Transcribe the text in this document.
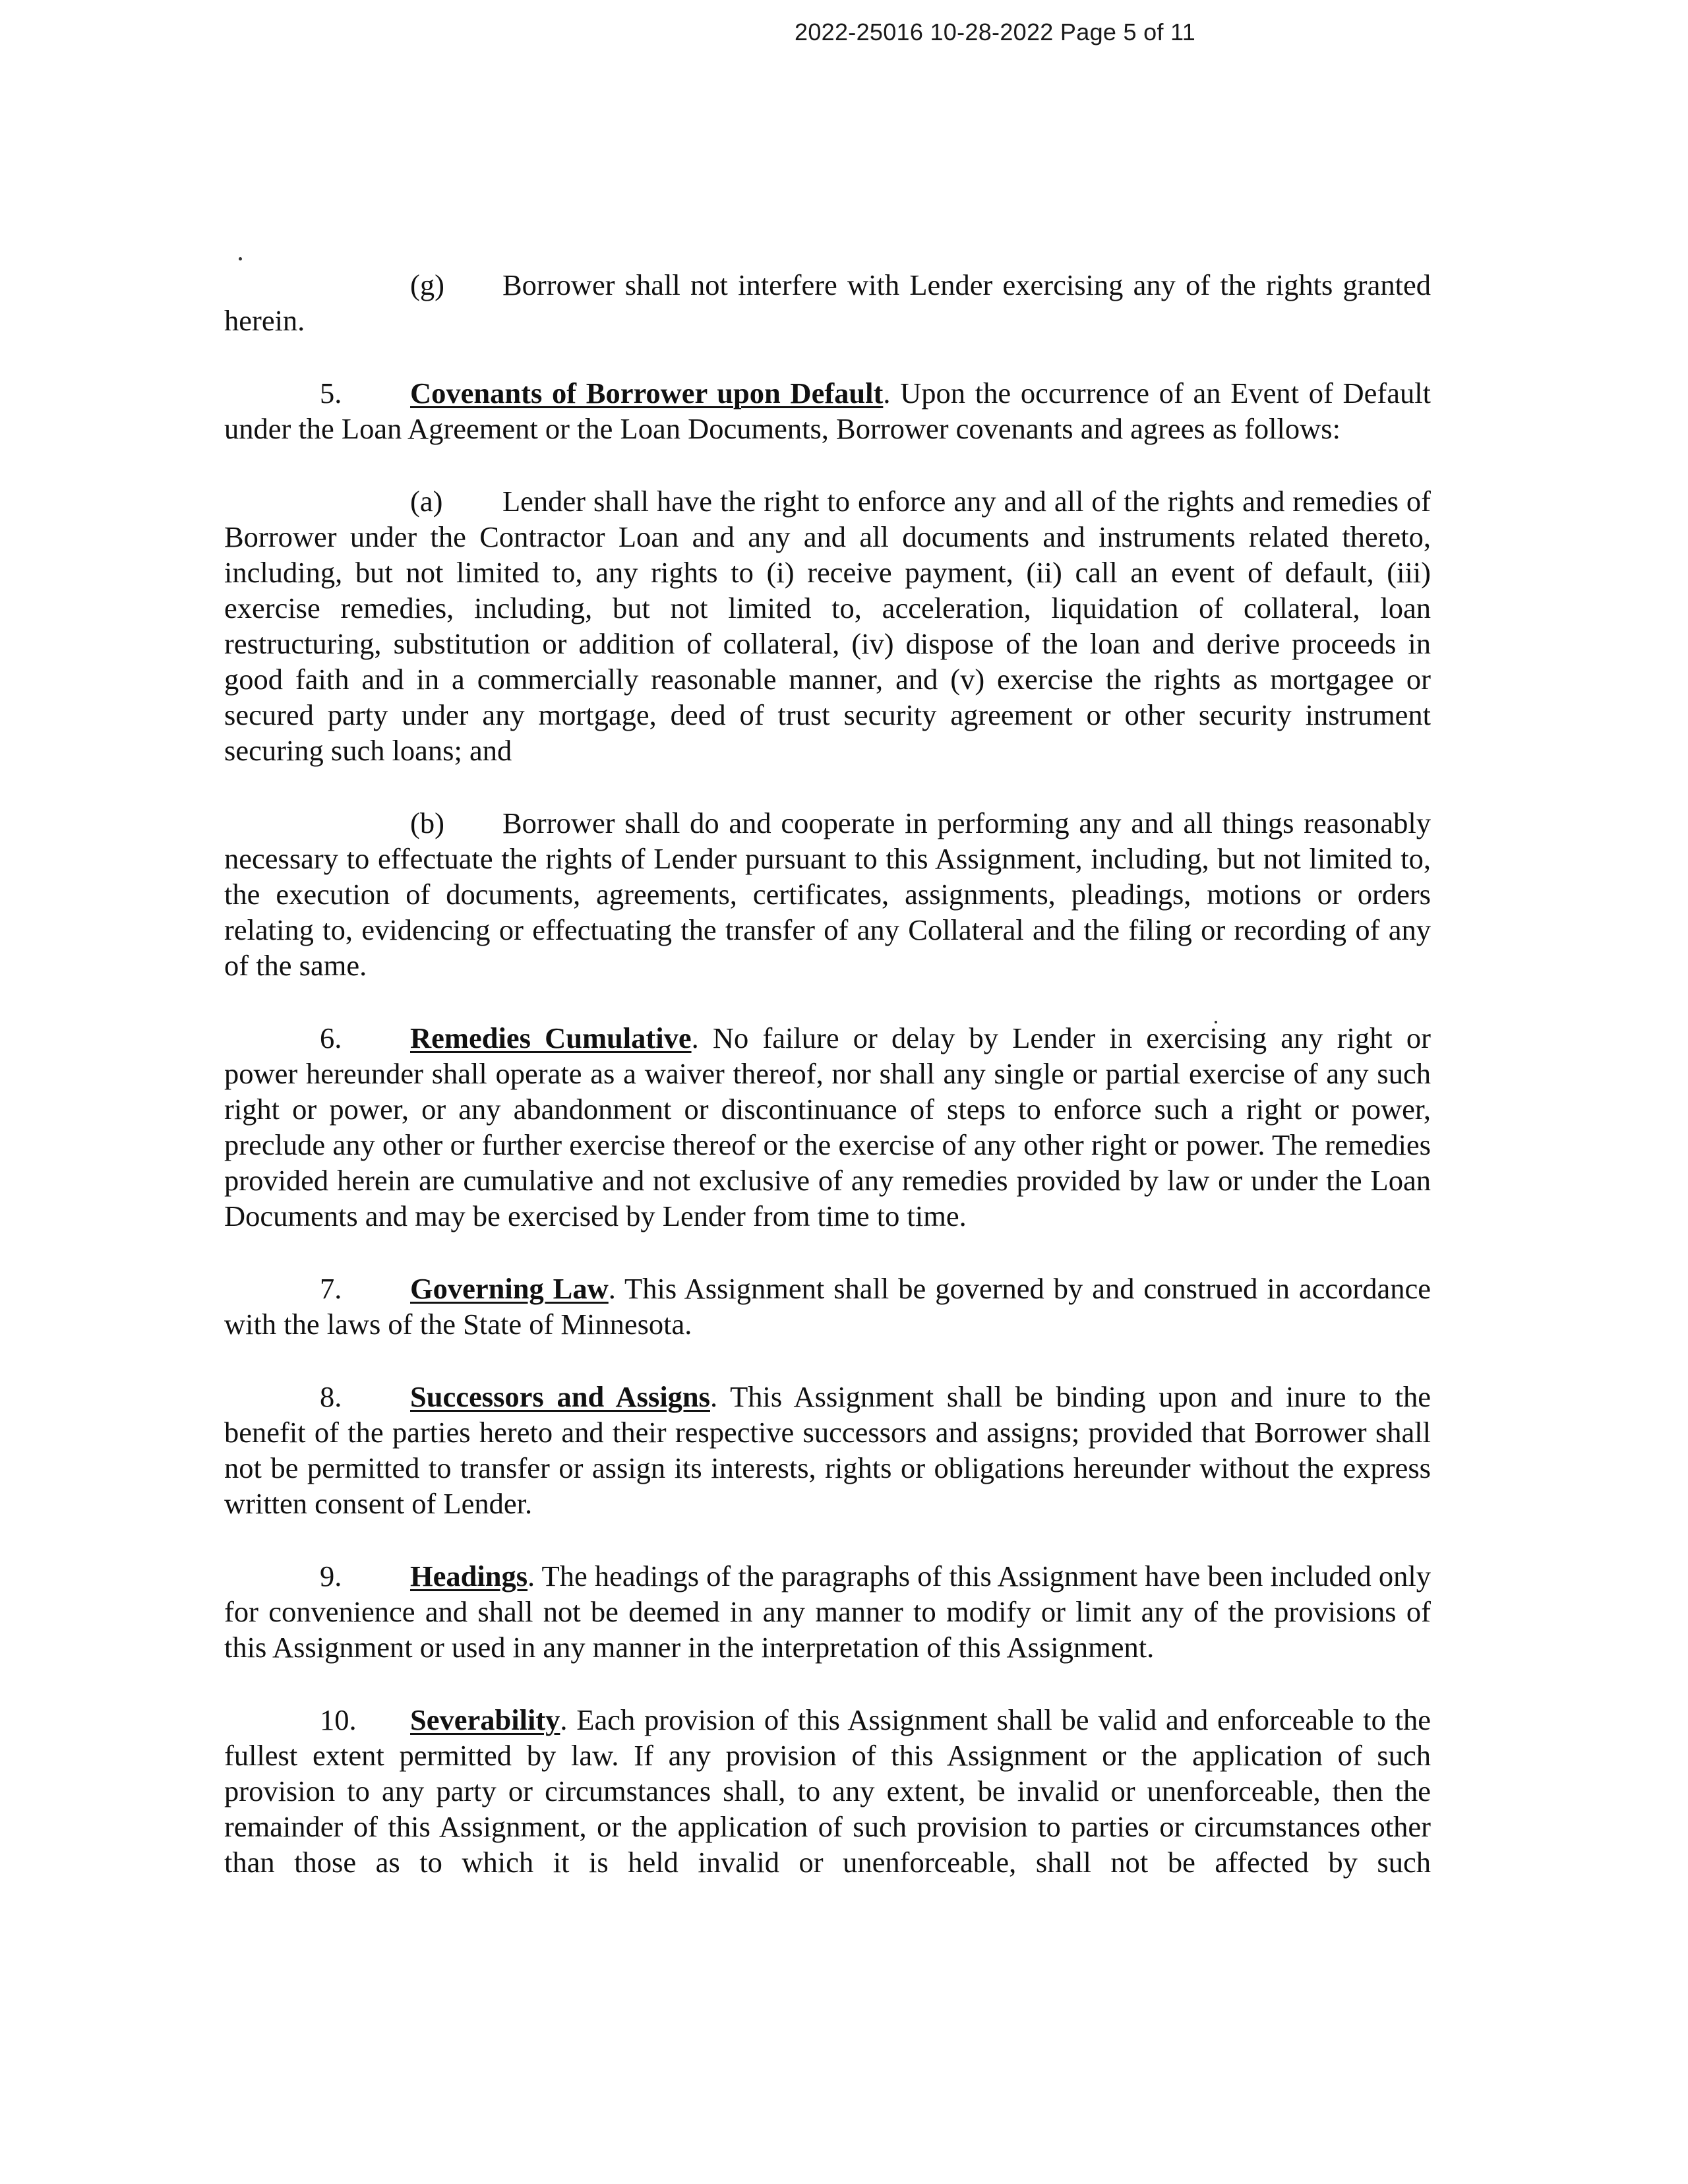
2022-25016 10-28-2022 Page 5 of 11

(g) Borrower shall not interfere with Lender exercising any of the rights granted herein.

5. Covenants of Borrower upon Default. Upon the occurrence of an Event of Default under the Loan Agreement or the Loan Documents, Borrower covenants and agrees as follows:

(a) Lender shall have the right to enforce any and all of the rights and remedies of Borrower under the Contractor Loan and any and all documents and instruments related thereto, including, but not limited to, any rights to (i) receive payment, (ii) call an event of default, (iii) exercise remedies, including, but not limited to, acceleration, liquidation of collateral, loan restructuring, substitution or addition of collateral, (iv) dispose of the loan and derive proceeds in good faith and in a commercially reasonable manner, and (v) exercise the rights as mortgagee or secured party under any mortgage, deed of trust security agreement or other security instrument securing such loans; and

(b) Borrower shall do and cooperate in performing any and all things reasonably necessary to effectuate the rights of Lender pursuant to this Assignment, including, but not limited to, the execution of documents, agreements, certificates, assignments, pleadings, motions or orders relating to, evidencing or effectuating the transfer of any Collateral and the filing or recording of any of the same.

6. Remedies Cumulative. No failure or delay by Lender in exercising any right or power hereunder shall operate as a waiver thereof, nor shall any single or partial exercise of any such right or power, or any abandonment or discontinuance of steps to enforce such a right or power, preclude any other or further exercise thereof or the exercise of any other right or power. The remedies provided herein are cumulative and not exclusive of any remedies provided by law or under the Loan Documents and may be exercised by Lender from time to time.

7. Governing Law. This Assignment shall be governed by and construed in accordance with the laws of the State of Minnesota.

8. Successors and Assigns. This Assignment shall be binding upon and inure to the benefit of the parties hereto and their respective successors and assigns; provided that Borrower shall not be permitted to transfer or assign its interests, rights or obligations hereunder without the express written consent of Lender.

9. Headings. The headings of the paragraphs of this Assignment have been included only for convenience and shall not be deemed in any manner to modify or limit any of the provisions of this Assignment or used in any manner in the interpretation of this Assignment.

10. Severability. Each provision of this Assignment shall be valid and enforceable to the fullest extent permitted by law. If any provision of this Assignment or the application of such provision to any party or circumstances shall, to any extent, be invalid or unenforceable, then the remainder of this Assignment, or the application of such provision to parties or circumstances other than those as to which it is held invalid or unenforceable, shall not be affected by such
